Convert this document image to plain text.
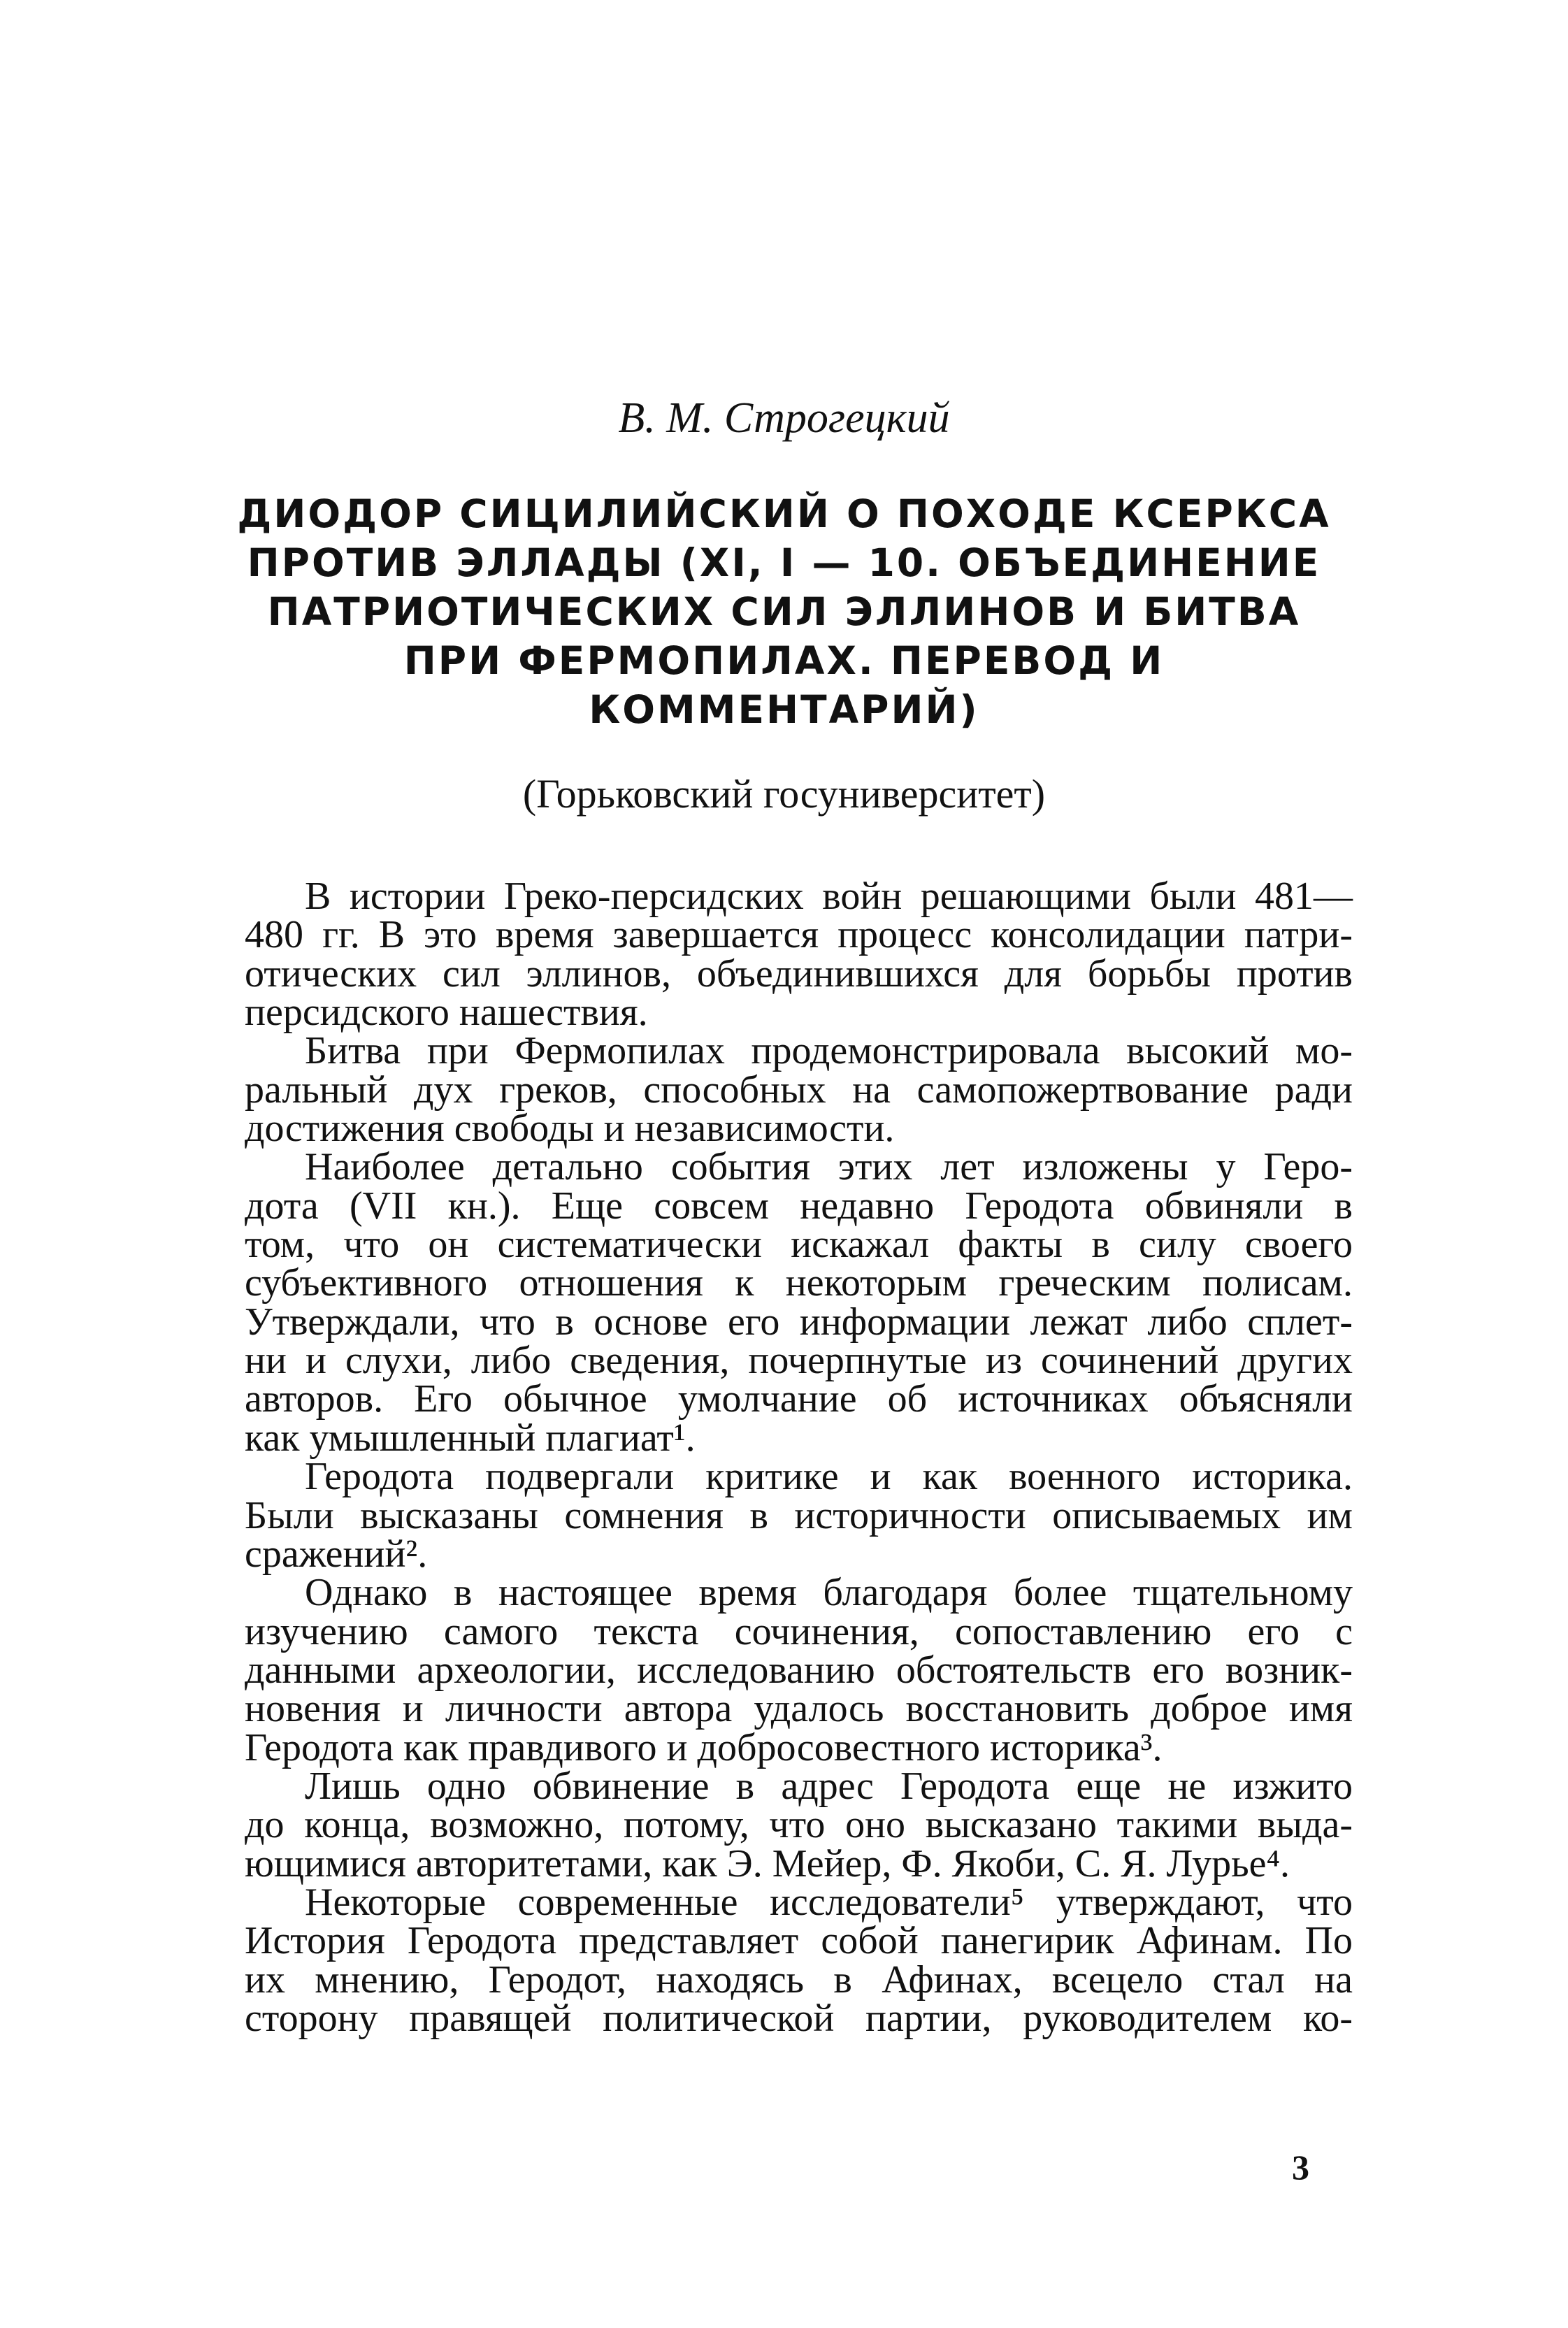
В. М. Строгецкий
ДИОДОР СИЦИЛИЙСКИЙ О ПОХОДЕ КСЕРКСА
ПРОТИВ ЭЛЛАДЫ (XI, I — 10. ОБЪЕДИНЕНИЕ
ПАТРИОТИЧЕСКИХ СИЛ ЭЛЛИНОВ И БИТВА
ПРИ ФЕРМОПИЛАХ. ПЕРЕВОД И
КОММЕНТАРИЙ)
(Горьковский госуниверситет)
В истории Греко-персидских войн решающими были 481—
480 гг. В это время завершается процесс консолидации патри-
отических сил эллинов, объединившихся для борьбы против
персидского нашествия.
Битва при Фермопилах продемонстрировала высокий мо-
ральный дух греков, способных на самопожертвование ради
достижения свободы и независимости.
Наиболее детально события этих лет изложены у Геро-
дота (VII кн.). Еще совсем недавно Геродота обвиняли в
том, что он систематически искажал факты в силу своего
субъективного отношения к некоторым греческим полисам.
Утверждали, что в основе его информации лежат либо сплет-
ни и слухи, либо сведения, почерпнутые из сочинений других
авторов. Его обычное умолчание об источниках объясняли
как умышленный плагиат¹.
Геродота подвергали критике и как военного историка.
Были высказаны сомнения в историчности описываемых им
сражений².
Однако в настоящее время благодаря более тщательному
изучению самого текста сочинения, сопоставлению его с
данными археологии, исследованию обстоятельств его возник-
новения и личности автора удалось восстановить доброе имя
Геродота как правдивого и добросовестного историка³.
Лишь одно обвинение в адрес Геродота еще не изжито
до конца, возможно, потому, что оно высказано такими выда-
ющимися авторитетами, как Э. Мейер, Ф. Якоби, С. Я. Лурье⁴.
Некоторые современные исследователи⁵ утверждают, что
История Геродота представляет собой панегирик Афинам. По
их мнению, Геродот, находясь в Афинах, всецело стал на
сторону правящей политической партии, руководителем ко-
3
